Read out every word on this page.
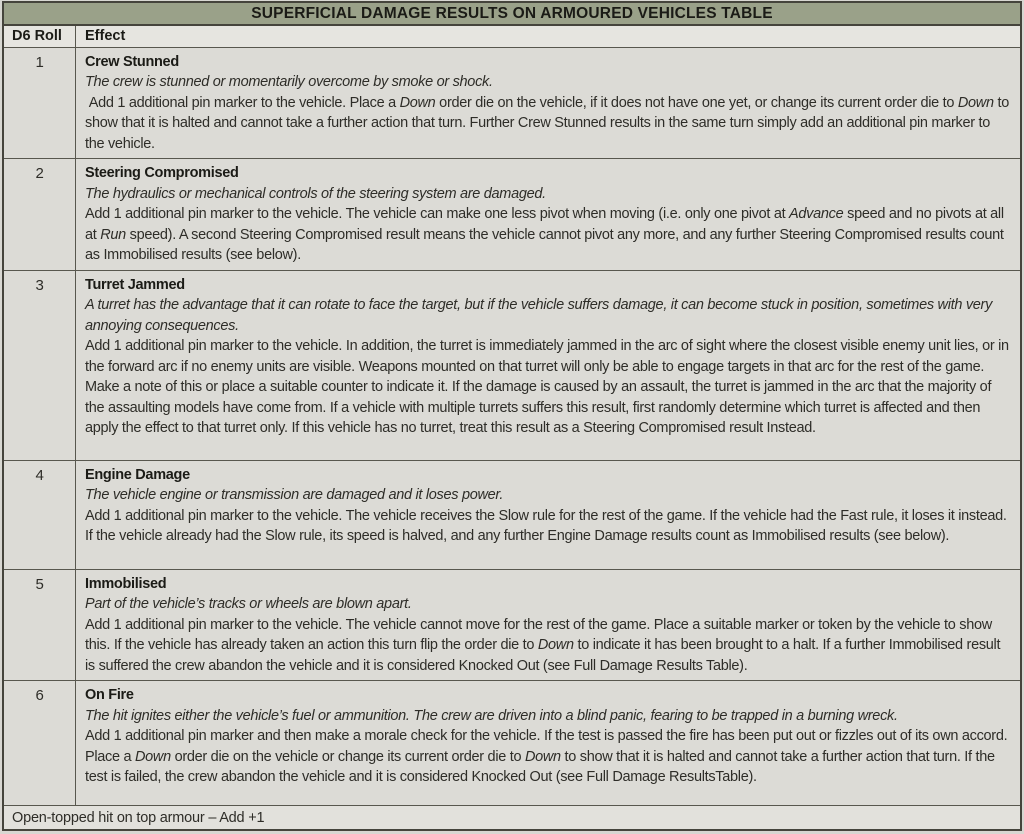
SUPERFICIAL DAMAGE RESULTS ON ARMOURED VEHICLES TABLE
D6 Roll	Effect
1	Crew Stunned
The crew is stunned or momentarily overcome by smoke or shock.
Add 1 additional pin marker to the vehicle. Place a Down order die on the vehicle, if it does not have one yet, or change its current order die to Down to show that it is halted and cannot take a further action that turn. Further Crew Stunned results in the same turn simply add an additional pin marker to the vehicle.
2	Steering Compromised
The hydraulics or mechanical controls of the steering system are damaged.
Add 1 additional pin marker to the vehicle. The vehicle can make one less pivot when moving (i.e. only one pivot at Advance speed and no pivots at all at Run speed). A second Steering Compromised result means the vehicle cannot pivot any more, and any further Steering Compromised results count as Immobilised results (see below).
3	Turret Jammed
A turret has the advantage that it can rotate to face the target, but if the vehicle suffers damage, it can become stuck in position, sometimes with very annoying consequences.
Add 1 additional pin marker to the vehicle. In addition, the turret is immediately jammed in the arc of sight where the closest visible enemy unit lies, or in the forward arc if no enemy units are visible. Weapons mounted on that turret will only be able to engage targets in that arc for the rest of the game. Make a note of this or place a suitable counter to indicate it. If the damage is caused by an assault, the turret is jammed in the arc that the majority of the assaulting models have come from. If a vehicle with multiple turrets suffers this result, first randomly determine which turret is affected and then apply the effect to that turret only. If this vehicle has no turret, treat this result as a Steering Compromised result Instead.
4	Engine Damage
The vehicle engine or transmission are damaged and it loses power.
Add 1 additional pin marker to the vehicle. The vehicle receives the Slow rule for the rest of the game. If the vehicle had the Fast rule, it loses it instead. If the vehicle already had the Slow rule, its speed is halved, and any further Engine Damage results count as Immobilised results (see below).
5	Immobilised
Part of the vehicle’s tracks or wheels are blown apart.
Add 1 additional pin marker to the vehicle. The vehicle cannot move for the rest of the game. Place a suitable marker or token by the vehicle to show this. If the vehicle has already taken an action this turn flip the order die to Down to indicate it has been brought to a halt. If a further Immobilised result is suffered the crew abandon the vehicle and it is considered Knocked Out (see Full Damage Results Table).
6	On Fire
The hit ignites either the vehicle’s fuel or ammunition. The crew are driven into a blind panic, fearing to be trapped in a burning wreck.
Add 1 additional pin marker and then make a morale check for the vehicle. If the test is passed the fire has been put out or fizzles out of its own accord. Place a Down order die on the vehicle or change its current order die to Down to show that it is halted and cannot take a further action that turn. If the test is failed, the crew abandon the vehicle and it is considered Knocked Out (see Full Damage ResultsTable).
Open-topped hit on top armour – Add +1
